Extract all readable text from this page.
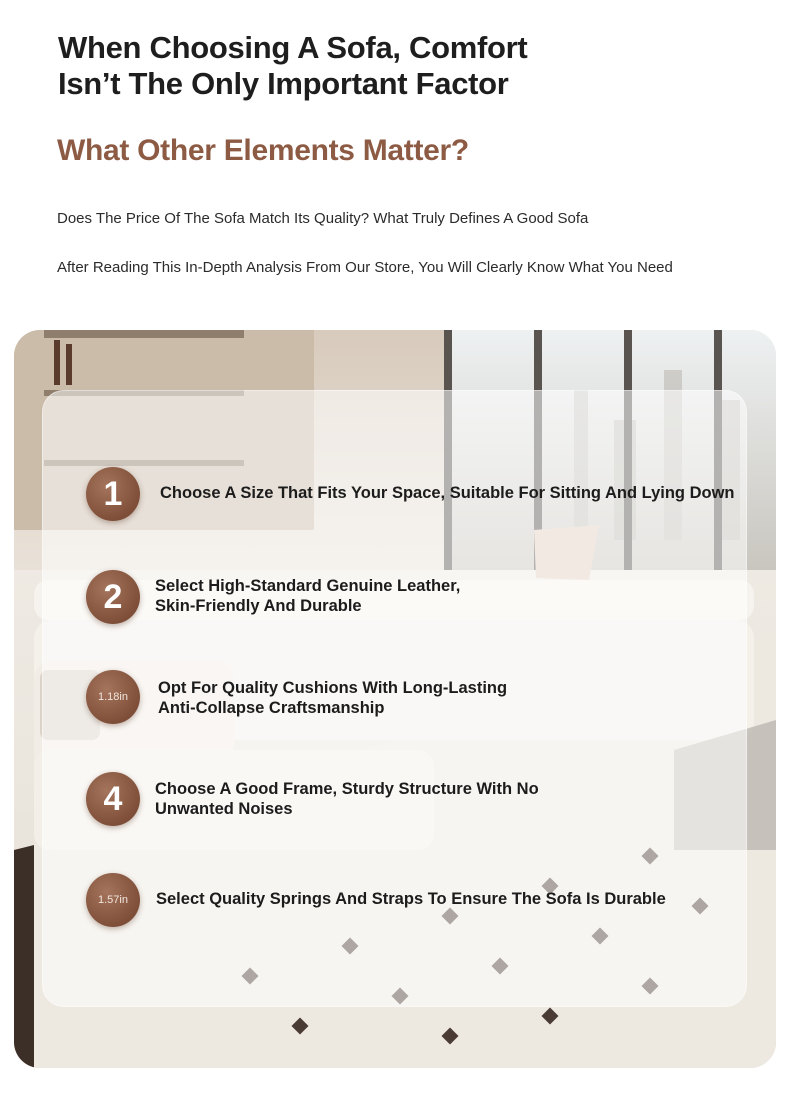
When Choosing A Sofa, Comfort
Isn’t The Only Important Factor
What Other Elements Matter?

Does The Price Of The Sofa Match Its Quality? What Truly Defines A Good Sofa

After Reading This In-Depth Analysis From Our Store, You Will Clearly Know What You Need

1	Choose A Size That Fits Your Space, Suitable For Sitting And Lying Down
2	Select High-Standard Genuine Leather,
Skin-Friendly And Durable
1.18in	Opt For Quality Cushions With Long-Lasting
Anti-Collapse Craftsmanship
4	Choose A Good Frame, Sturdy Structure With No
Unwanted Noises
1.57in	Select Quality Springs And Straps To Ensure The Sofa Is Durable
